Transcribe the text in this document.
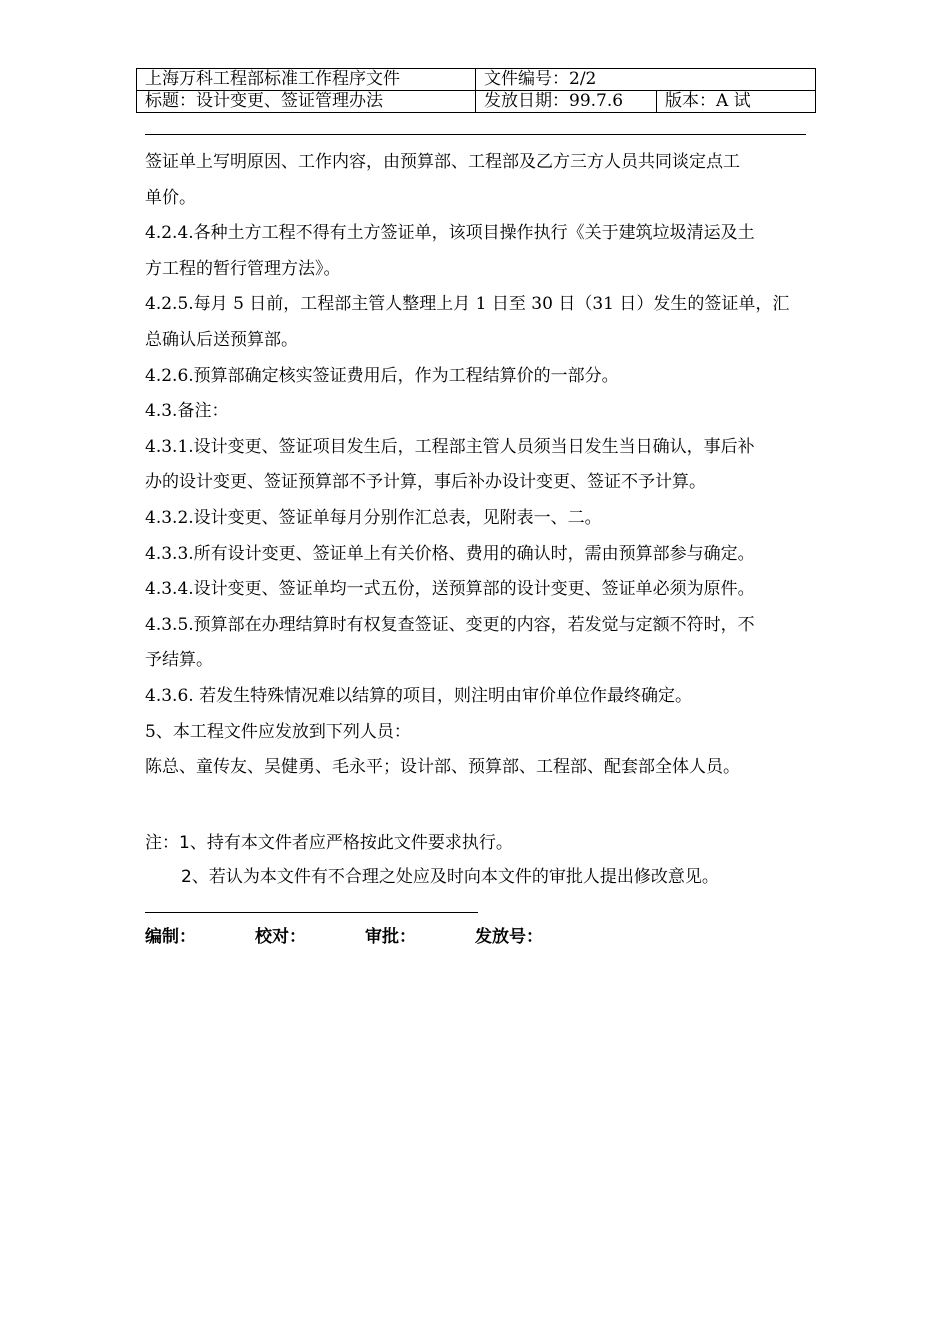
上海万科工程部标准工作程序文件	文件编号：2/2	
标题：设计变更、签证管理办法	发放日期：99.7.6	版本：A 试

签证单上写明原因、工作内容，由预算部、工程部及乙方三方人员共同谈定点工

单价。

4.2.4.各种土方工程不得有土方签证单，该项目操作执行《关于建筑垃圾清运及土

方工程的暂行管理方法》。

4.2.5.每月 5 日前，工程部主管人整理上月 1 日至 30 日（31 日）发生的签证单，汇

总确认后送预算部。

4.2.6.预算部确定核实签证费用后，作为工程结算价的一部分。

4.3.备注：

4.3.1.设计变更、签证项目发生后，工程部主管人员须当日发生当日确认，事后补

办的设计变更、签证预算部不予计算，事后补办设计变更、签证不予计算。

4.3.2.设计变更、签证单每月分别作汇总表，见附表一、二。

4.3.3.所有设计变更、签证单上有关价格、费用的确认时，需由预算部参与确定。

4.3.4.设计变更、签证单均一式五份，送预算部的设计变更、签证单必须为原件。

4.3.5.预算部在办理结算时有权复查签证、变更的内容，若发觉与定额不符时，不

予结算。

4.3.6. 若发生特殊情况难以结算的项目，则注明由审价单位作最终确定。

5、本工程文件应发放到下列人员：

陈总、童传友、吴健勇、毛永平；设计部、预算部、工程部、配套部全体人员。

注：1、持有本文件者应严格按此文件要求执行。

2、若认为本文件有不合理之处应及时向本文件的审批人提出修改意见。

编制：	校对：	审批：	发放号：
